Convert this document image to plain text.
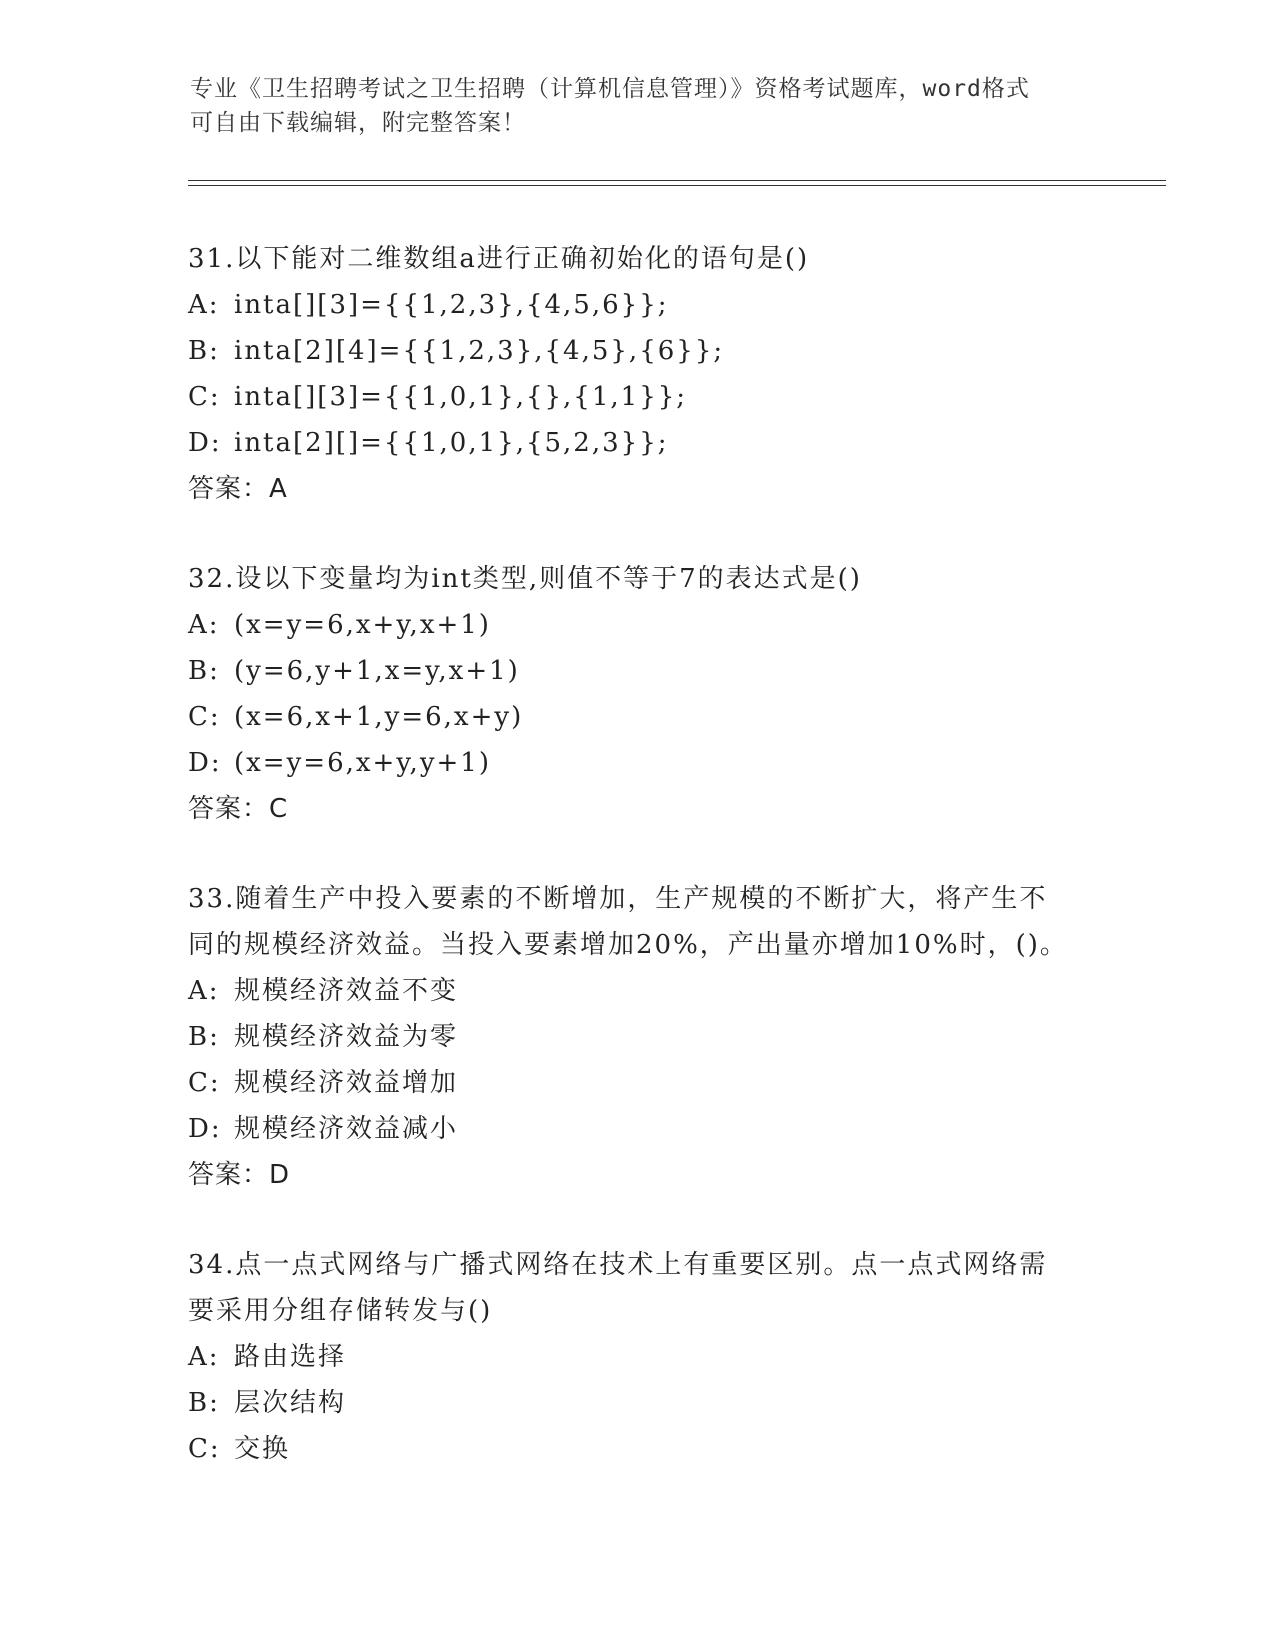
专业《卫生招聘考试之卫生招聘（计算机信息管理）》资格考试题库，word格式
可自由下载编辑，附完整答案！
31.以下能对二维数组a进行正确初始化的语句是()
A: inta[][3]={{1,2,3},{4,5,6}};
B: inta[2][4]={{1,2,3},{4,5},{6}};
C: inta[][3]={{1,0,1},{},{1,1}};
D: inta[2][]={{1,0,1},{5,2,3}};
答案：A
32.设以下变量均为int类型,则值不等于7的表达式是()
A: (x=y=6,x+y,x+1)
B: (y=6,y+1,x=y,x+1)
C: (x=6,x+1,y=6,x+y)
D: (x=y=6,x+y,y+1)
答案：C
33.随着生产中投入要素的不断增加，生产规模的不断扩大，将产生不
同的规模经济效益。当投入要素增加20%，产出量亦增加10%时，()。
A: 规模经济效益不变
B: 规模经济效益为零
C: 规模经济效益增加
D: 规模经济效益减小
答案：D
34.点一点式网络与广播式网络在技术上有重要区别。点一点式网络需
要采用分组存储转发与()
A: 路由选择
B: 层次结构
C: 交换
